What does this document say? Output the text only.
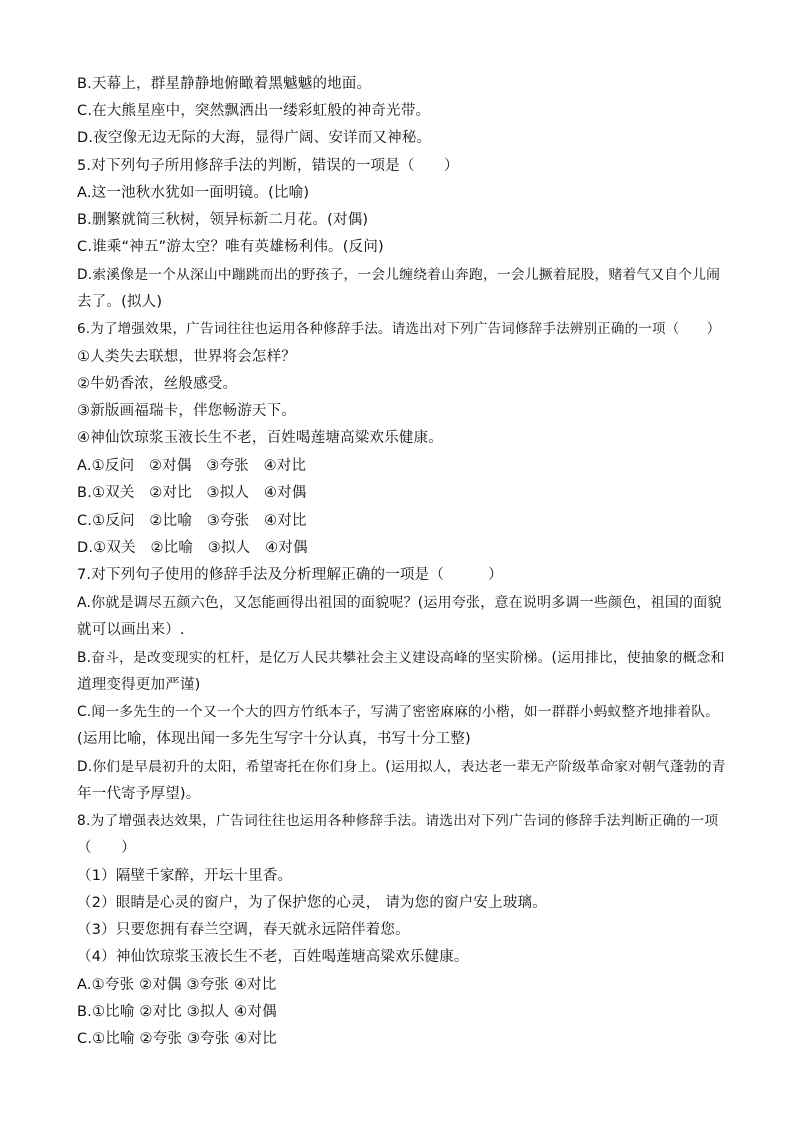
B.天幕上，群星静静地俯瞰着黑魆魆的地面。
C.在大熊星座中，突然飘洒出一缕彩虹般的神奇光带。
D.夜空像无边无际的大海，显得广阔、安详而又神秘。
5.对下列句子所用修辞手法的判断，错误的一项是（　　）
A.这一池秋水犹如一面明镜。(比喻)
B.删繁就简三秋树，领异标新二月花。(对偶)
C.谁乘“神五”游太空？唯有英雄杨利伟。(反问)
D.索溪像是一个从深山中蹦跳而出的野孩子，一会儿缠绕着山奔跑，一会儿撅着屁股，赌着气又自个儿闹
去了。(拟人)
6.为了增强效果，广告词往往也运用各种修辞手法。请选出对下列广告词修辞手法辨别正确的一项（　　）
①人类失去联想，世界将会怎样？
②牛奶香浓，丝般感受。
③新版画福瑞卡，伴您畅游天下。
④神仙饮琼浆玉液长生不老，百姓喝莲塘高粱欢乐健康。
A.①反问　②对偶　③夸张　④对比
B.①双关　②对比　③拟人　④对偶
C.①反问　②比喻　③夸张　④对比
D.①双关　②比喻　③拟人　④对偶
7.对下列句子使用的修辞手法及分析理解正确的一项是（　　　）
A.你就是调尽五颜六色，又怎能画得出祖国的面貌呢？(运用夸张，意在说明多调一些颜色，祖国的面貌
就可以画出来）.
B.奋斗，是改变现实的杠杆，是亿万人民共攀社会主义建设高峰的坚实阶梯。(运用排比，使抽象的概念和
道理变得更加严谨)
C.闻一多先生的一个又一个大的四方竹纸本子，写满了密密麻麻的小楷，如一群群小蚂蚁整齐地排着队。
(运用比喻，体现出闻一多先生写字十分认真，书写十分工整)
D.你们是早晨初升的太阳，希望寄托在你们身上。(运用拟人，表达老一辈无产阶级革命家对朝气蓬勃的青
年一代寄予厚望)。
8.为了增强表达效果，广告词往往也运用各种修辞手法。请选出对下列广告词的修辞手法判断正确的一项
（　　）
（1）隔壁千家醉，开坛十里香。
（2）眼睛是心灵的窗户，为了保护您的心灵， 请为您的窗户安上玻璃。
（3）只要您拥有春兰空调，春天就永远陪伴着您。
（4）神仙饮琼浆玉液长生不老，百姓喝莲塘高粱欢乐健康。
A.①夸张 ②对偶 ③夸张 ④对比
B.①比喻 ②对比 ③拟人 ④对偶
C.①比喻 ②夸张 ③夸张 ④对比
